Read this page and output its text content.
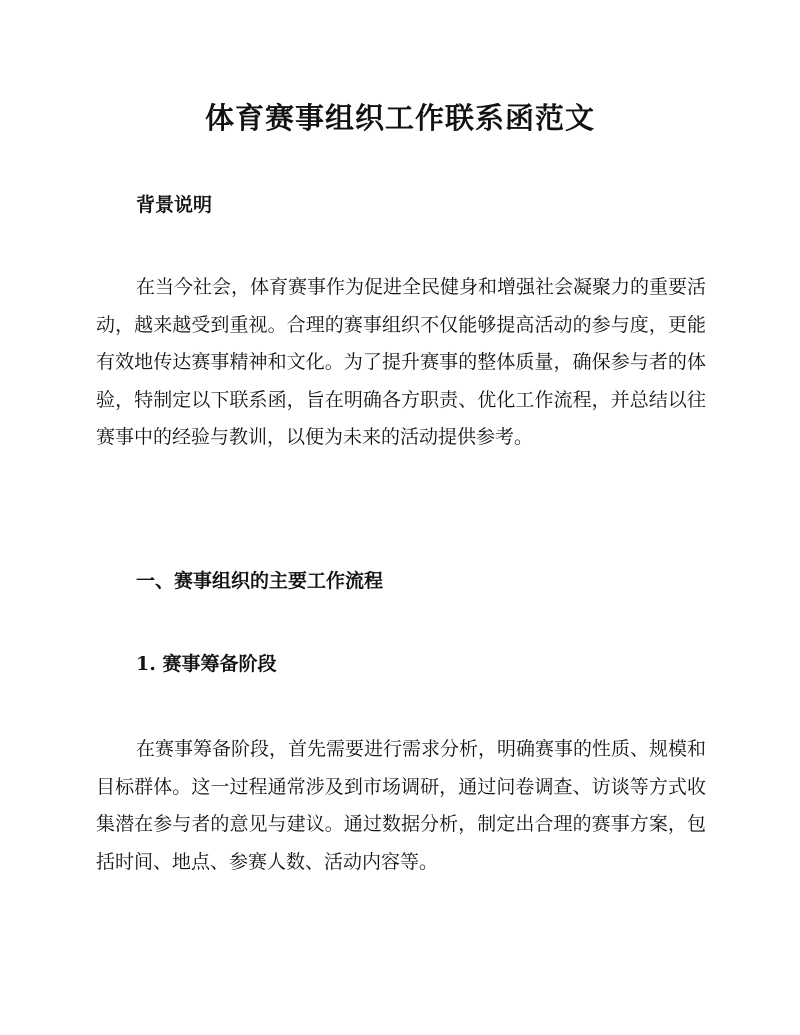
体育赛事组织工作联系函范文
背景说明

在当今社会，体育赛事作为促进全民健身和增强社会凝聚力的重要活动，越来越受到重视。合理的赛事组织不仅能够提高活动的参与度，更能有效地传达赛事精神和文化。为了提升赛事的整体质量，确保参与者的体验，特制定以下联系函，旨在明确各方职责、优化工作流程，并总结以往赛事中的经验与教训，以便为未来的活动提供参考。

一、赛事组织的主要工作流程
1. 赛事筹备阶段

在赛事筹备阶段，首先需要进行需求分析，明确赛事的性质、规模和目标群体。这一过程通常涉及到市场调研，通过问卷调查、访谈等方式收集潜在参与者的意见与建议。通过数据分析，制定出合理的赛事方案，包括时间、地点、参赛人数、活动内容等。
